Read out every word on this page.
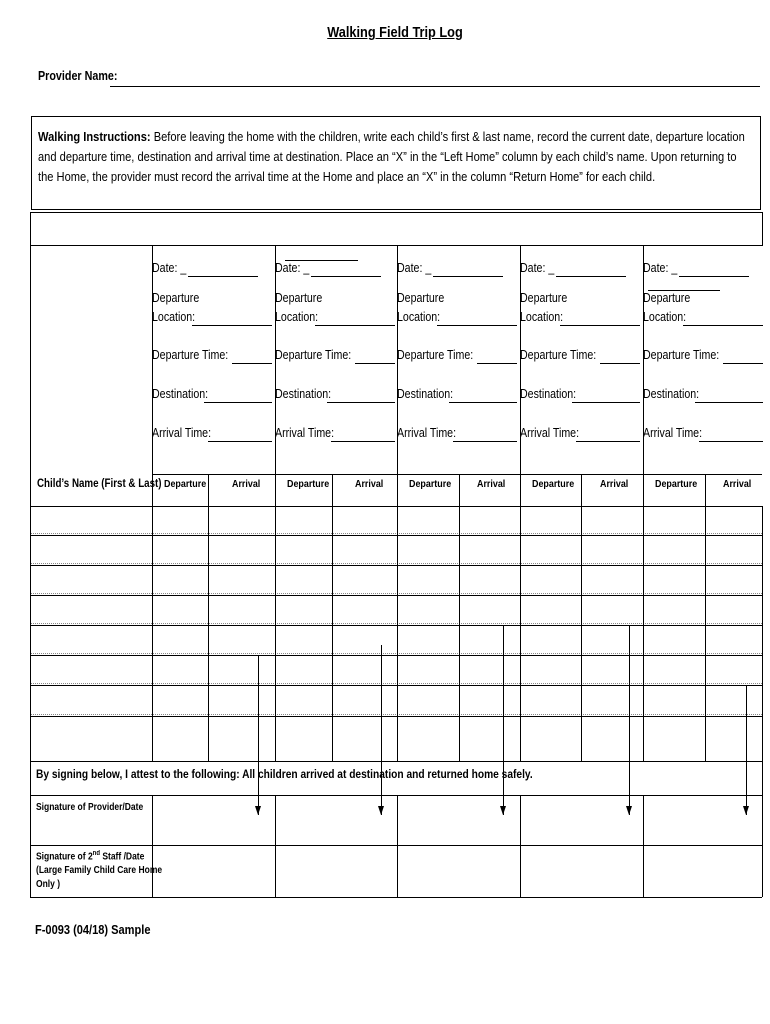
Walking Field Trip Log
Provider Name:
Walking Instructions: Before leaving the home with the children, write each child’s first & last name, record the current date, departure location and departure time, destination and arrival time at destination. Place an “X” in the “Left Home” column by each child’s name. Upon returning to the Home, the provider must record the arrival time at the Home and place an “X” in the column “Return Home” for each child.
Date: _
Departure
Location:
Departure Time:
Destination:
Arrival Time:
Departure Arrival
Date: _
Departure
Location:
Departure Time:
Destination:
Arrival Time:
Departure Arrival
Date: _
Departure
Location:
Departure Time:
Destination:
Arrival Time:
Departure Arrival
Date: _
Departure
Location:
Departure Time:
Destination:
Arrival Time:
Departure Arrival
Date: _
Departure
Location:
Departure Time:
Destination:
Arrival Time:
Departure Arrival
Child’s Name (First & Last)
By signing below, I attest to the following: All children arrived at destination and returned home safely.
Signature of Provider/Date
Signature of 2nd Staff /Date
(Large Family Child Care Home
Only )
F-0093 (04/18) Sample
